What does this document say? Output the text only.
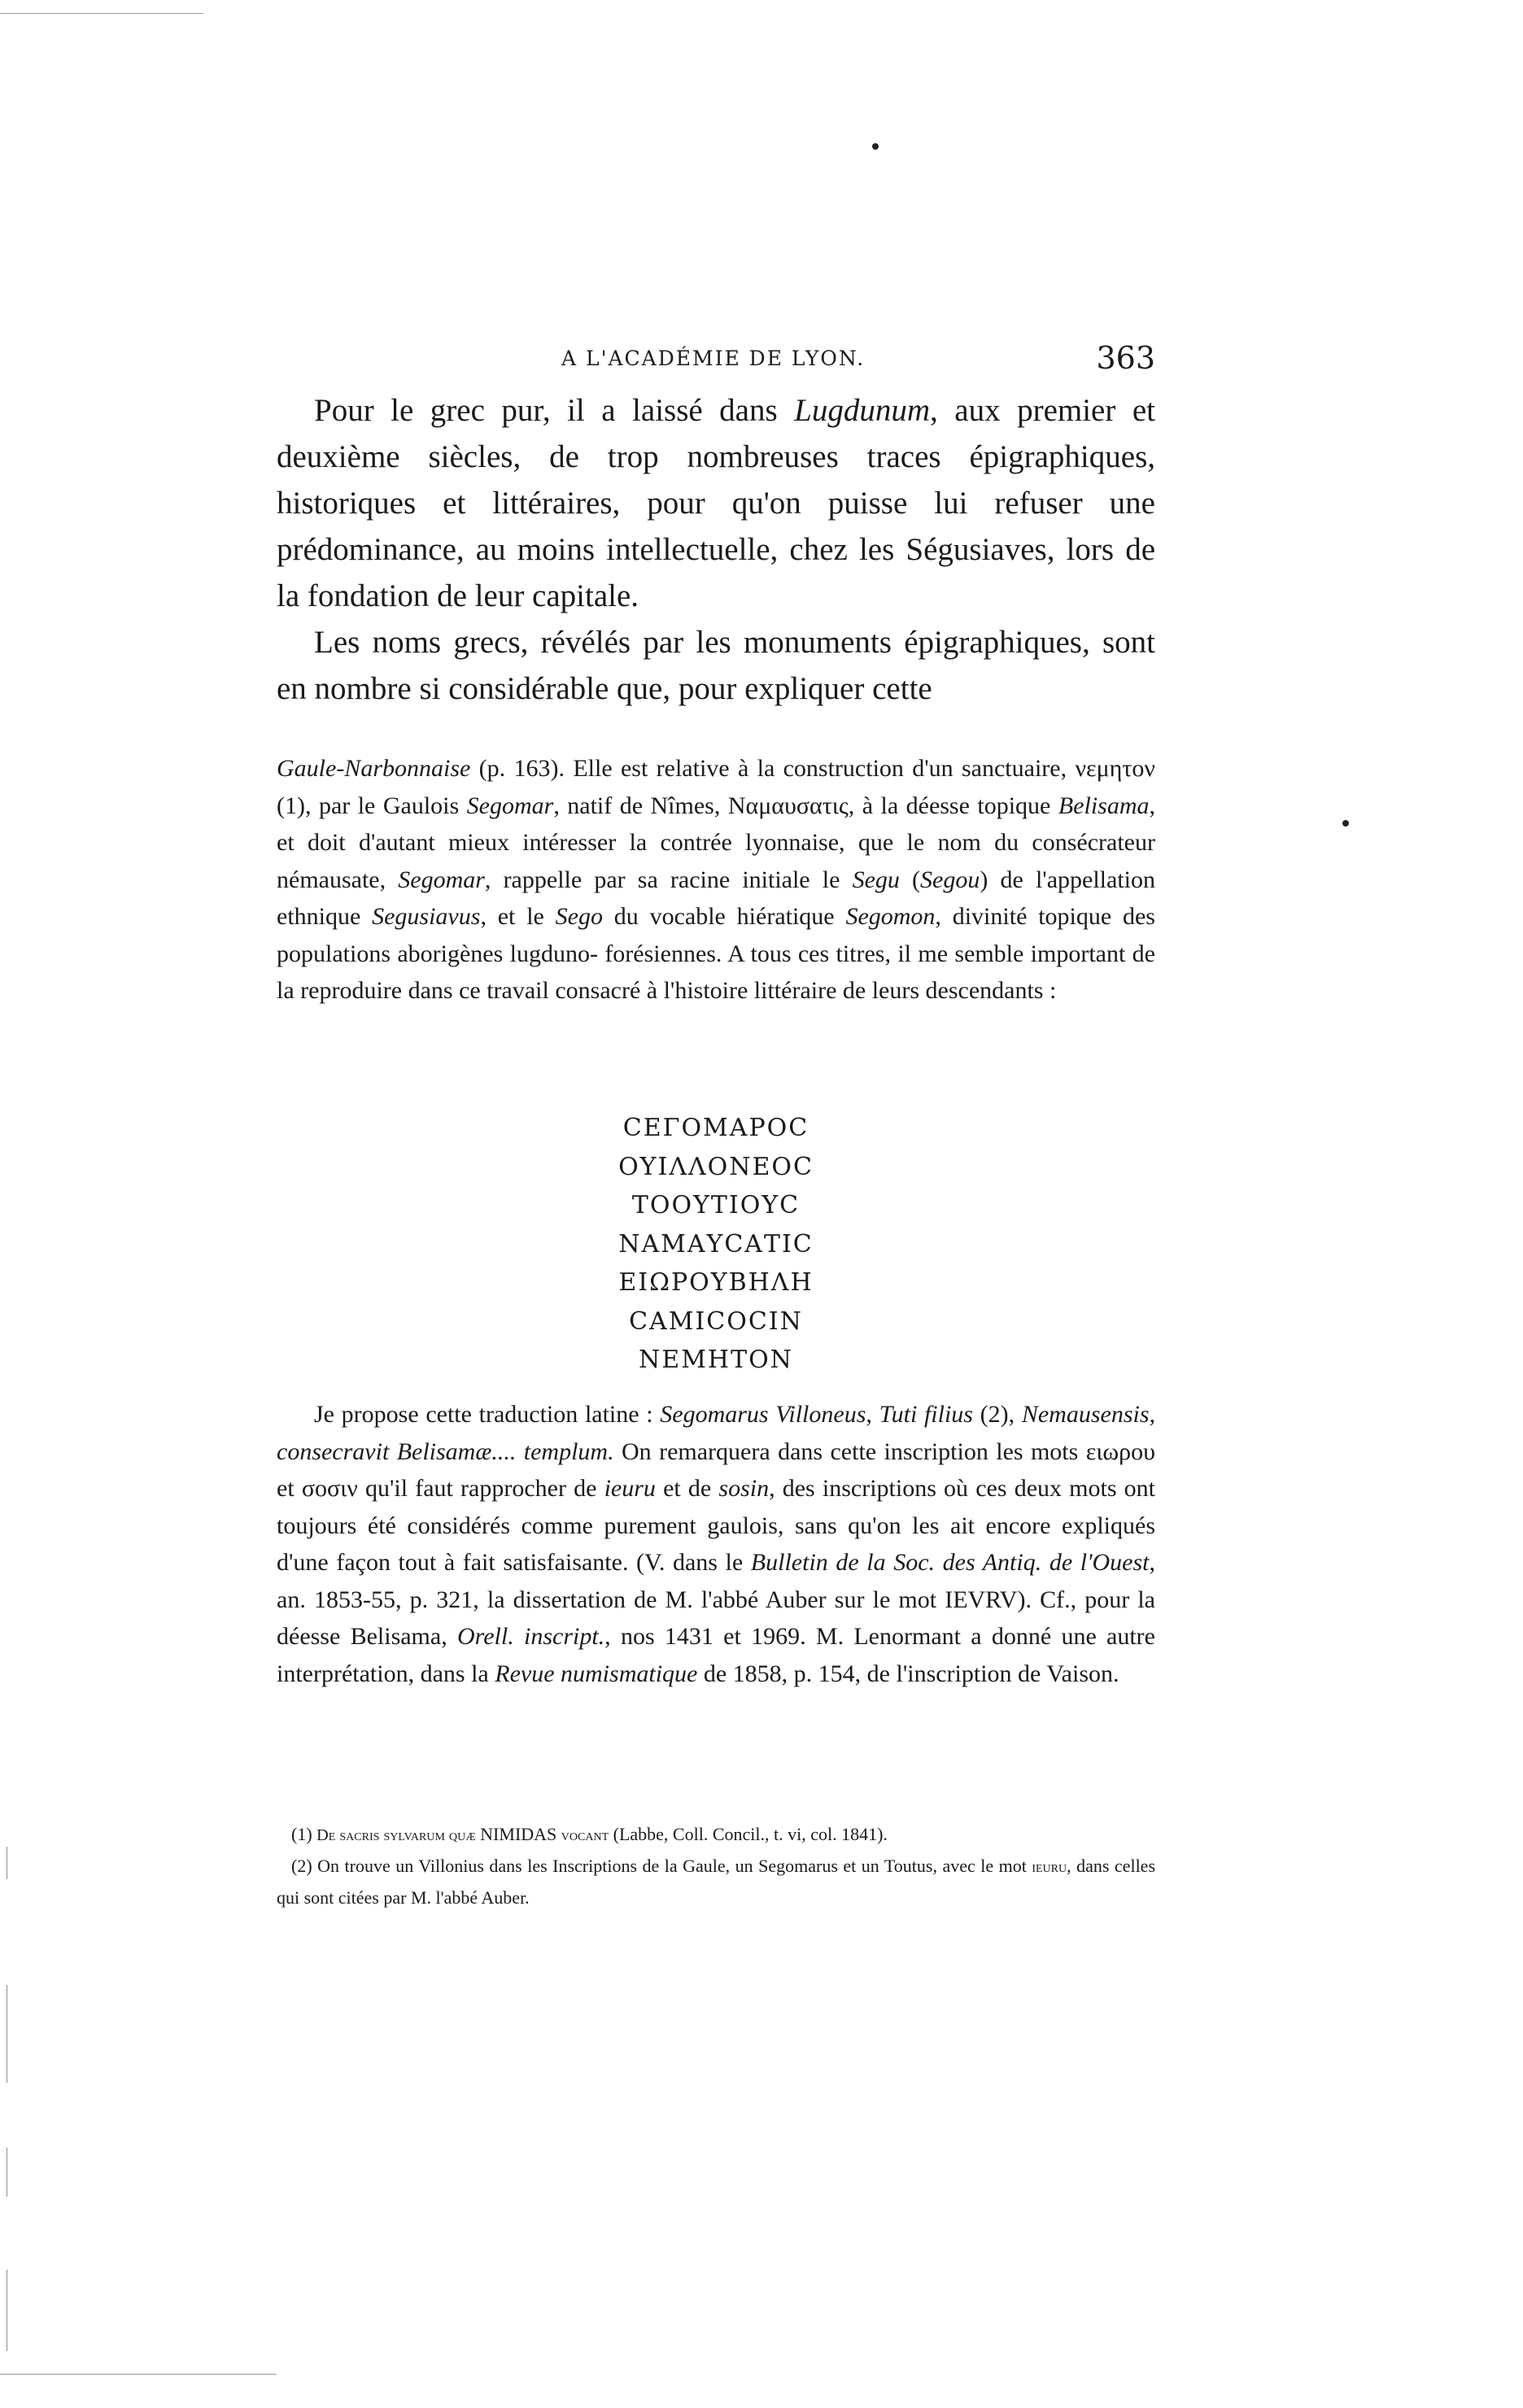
A L'ACADÉMIE DE LYON.	363

Pour le grec pur, il a laissé dans Lugdunum, aux premier et deuxième siècles, de trop nombreuses traces épigraphiques, historiques et littéraires, pour qu'on puisse lui refuser une prédominance, au moins intellectuelle, chez les Ségusiaves, lors de la fondation de leur capitale.

Les noms grecs, révélés par les monuments épigraphiques, sont en nombre si considérable que, pour expliquer cette

Gaule-Narbonnaise (p. 163). Elle est relative à la construction d'un sanctuaire, νεμητον (1), par le Gaulois Segomar, natif de Nîmes, Ναμαυσατις, à la déesse topique Belisama, et doit d'autant mieux intéresser la contrée lyonnaise, que le nom du consécrateur némausate, Segomar, rappelle par sa racine initiale le Segu (Segou) de l'appellation ethnique Segusiavus, et le Sego du vocable hiératique Segomon, divinité topique des populations aborigènes lugduno- forésiennes. A tous ces titres, il me semble important de la reproduire dans ce travail consacré à l'histoire littéraire de leurs descendants :

CΕΓΟΜΑΡΟC
ΟΥΙΛΛΟΝΕΟC
ΤΟΟΥΤΙΟΥC
ΝΑΜΑΥCΑΤΙC
ΕΙΩΡΟΥΒΗΛΗ
CΑΜΙCΟCΙΝ
ΝΕΜΗΤΟΝ

Je propose cette traduction latine : Segomarus Villoneus, Tuti filius (2), Nemausensis, consecravit Belisamæ.... templum. On remarquera dans cette inscription les mots ειωρου et σοσιν qu'il faut rapprocher de ieuru et de sosin, des inscriptions où ces deux mots ont toujours été considérés comme purement gaulois, sans qu'on les ait encore expliqués d'une façon tout à fait satisfaisante. (V. dans le Bulletin de la Soc. des Antiq. de l'Ouest, an. 1853-55, p. 321, la dissertation de M. l'abbé Auber sur le mot IEVRV). Cf., pour la déesse Belisama, Orell. inscript., nos 1431 et 1969. M. Lenormant a donné une autre interprétation, dans la Revue numismatique de 1858, p. 154, de l'inscription de Vaison.

(1) De sacris sylvarum quæ NIMIDAS vocant (Labbe, Coll. Concil., t. vi, col. 1841).

(2) On trouve un Villonius dans les Inscriptions de la Gaule, un Segomarus et un Toutus, avec le mot ieuru, dans celles qui sont citées par M. l'abbé Auber.
